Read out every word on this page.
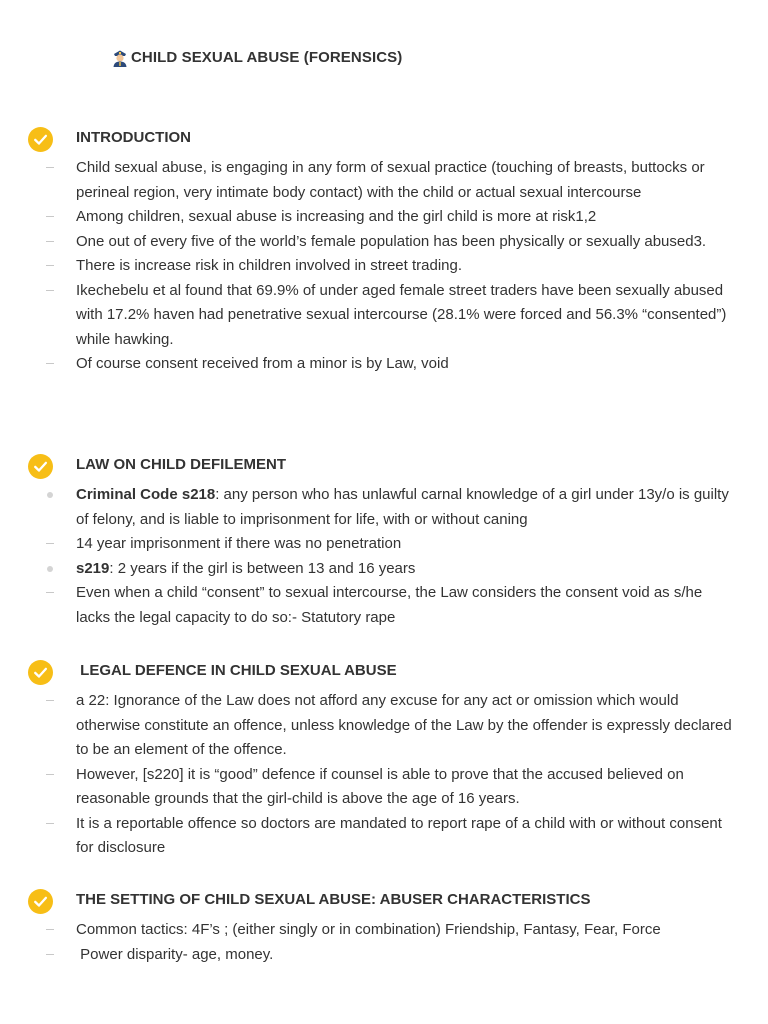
CHILD SEXUAL ABUSE (FORENSICS)
INTRODUCTION
Child sexual abuse, is engaging in any form of sexual practice (touching of breasts, buttocks or perineal region, very intimate body contact) with the child or actual sexual intercourse
Among children, sexual abuse is increasing and the girl child is more at risk1,2
One out of every five of the world’s female population has been physically or sexually abused3.
There is increase risk in children involved in street trading.
Ikechebelu et al found that 69.9% of under aged female street traders have been sexually abused with 17.2% haven had penetrative sexual intercourse (28.1% were forced and 56.3% “consented”) while hawking.
Of course consent received from a minor is by Law, void
LAW ON CHILD DEFILEMENT
Criminal Code s218: any person who has unlawful carnal knowledge of a girl under 13y/o is guilty of felony, and is liable to imprisonment for life, with or without caning
14 year imprisonment if there was no penetration
s219: 2 years if the girl is between 13 and 16 years
Even when a child “consent” to sexual intercourse, the Law considers the consent void as s/he lacks the legal capacity to do so:- Statutory rape
LEGAL DEFENCE IN CHILD SEXUAL ABUSE
a 22: Ignorance of the Law does not afford any excuse for any act or omission which would otherwise constitute an offence, unless knowledge of the Law by the offender is expressly declared to be an element of the offence.
However, [s220] it is “good” defence if counsel is able to prove that the accused believed on reasonable grounds that the girl-child is above the age of 16 years.
It is a reportable offence so doctors are mandated to report rape of a child with or without consent for disclosure
THE SETTING OF CHILD SEXUAL ABUSE: ABUSER CHARACTERISTICS
Common tactics: 4F’s ; (either singly or in combination) Friendship, Fantasy, Fear, Force
Power disparity- age, money.
